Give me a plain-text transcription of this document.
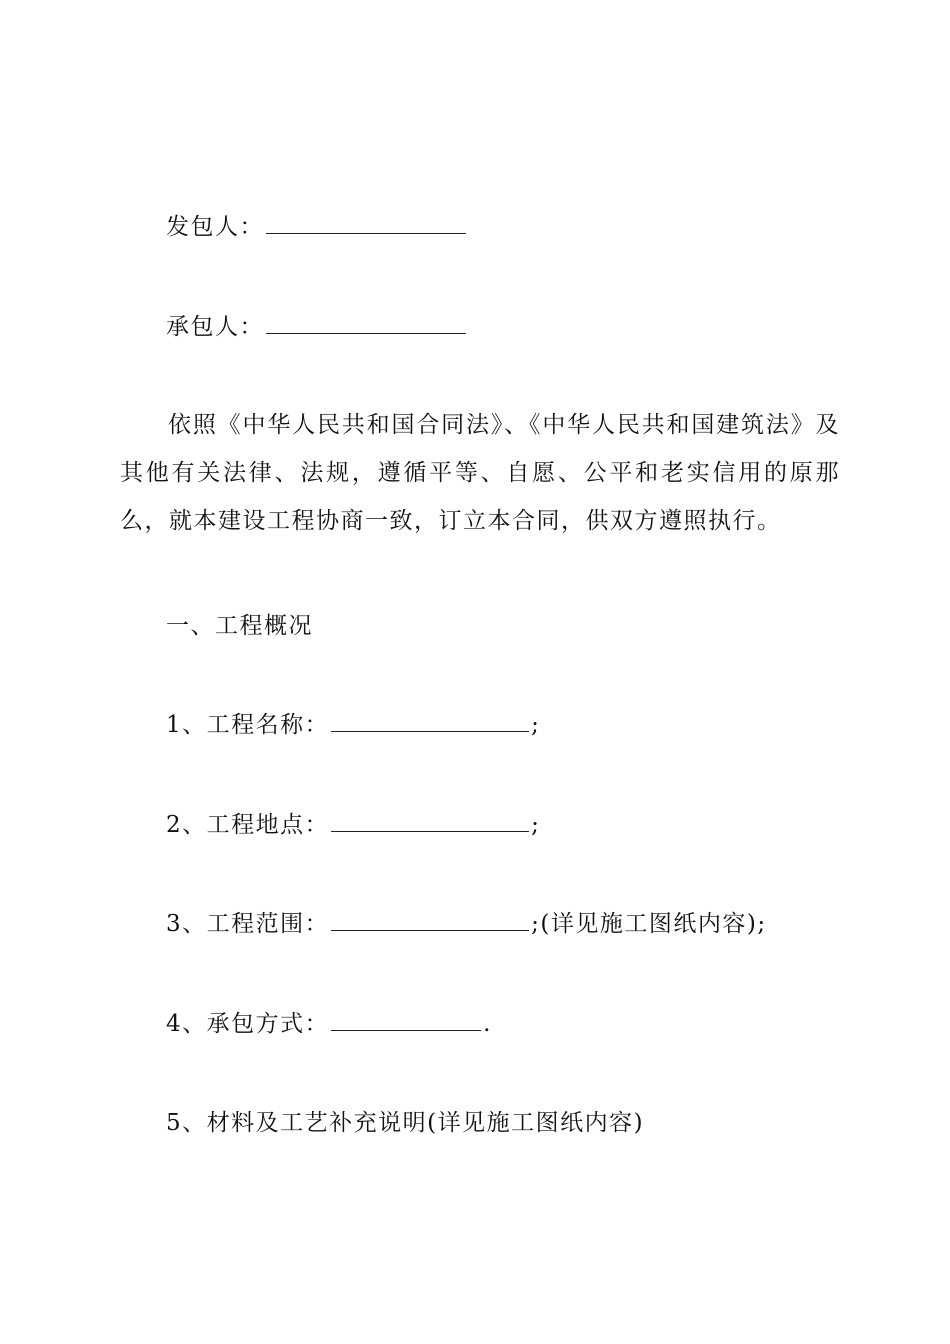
发包人：
承包人：
依照《中华人民共和国合同法》、《中华人民共和国建筑法》及其他有关法律、法规，遵循平等、自愿、公平和老实信用的原那么，就本建设工程协商一致，订立本合同，供双方遵照执行。
一、工程概况
1、工程名称：	;
2、工程地点：	;
3、工程范围：	;(详见施工图纸内容);
4、承包方式：	.
5、材料及工艺补充说明(详见施工图纸内容)
